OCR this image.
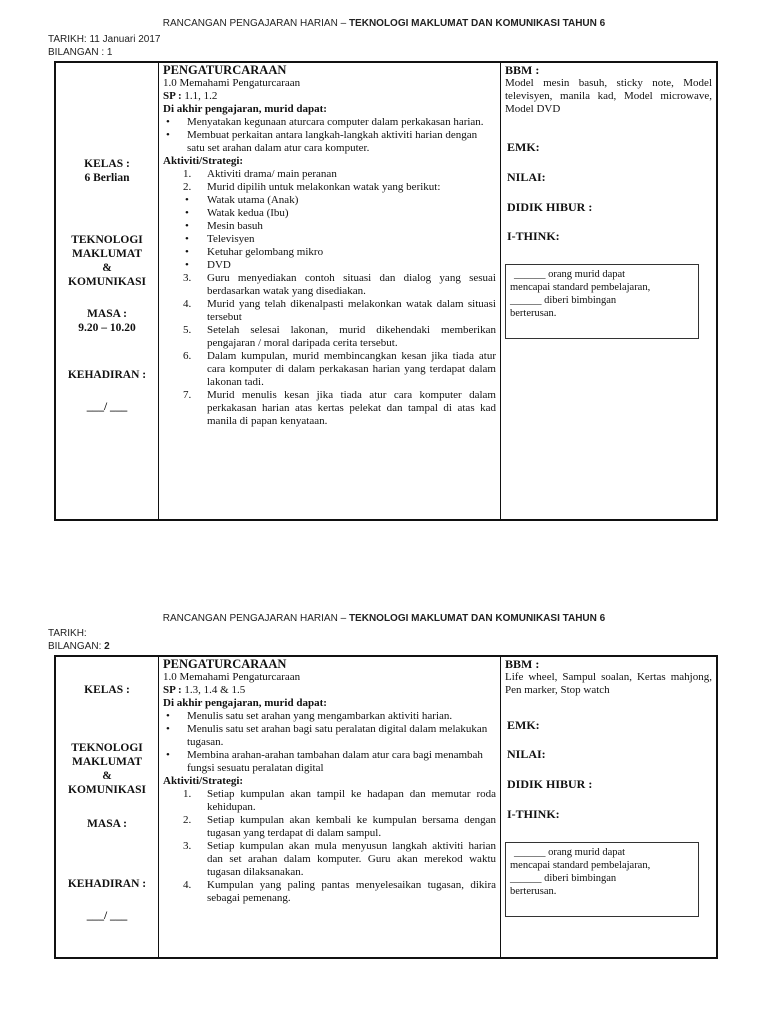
RANCANGAN PENGAJARAN HARIAN – TEKNOLOGI MAKLUMAT DAN KOMUNIKASI TAHUN 6
TARIKH: 11 Januari 2017
BILANGAN : 1
KELAS :
6 Berlian
TEKNOLOGI
MAKLUMAT
&
KOMUNIKASI
MASA :
9.20 – 10.20
KEHADIRAN :
___/ ___

PENGATURCARAAN
1.0 Memahami Pengaturcaraan
SP : 1.1, 1.2
Di akhir pengajaran, murid dapat:
• Menyatakan kegunaan aturcara computer dalam perkakasan harian.
• Membuat perkaitan antara langkah-langkah aktiviti harian dengan satu set arahan dalam atur cara komputer.
Aktiviti/Strategi:
1. Aktiviti drama/ main peranan
2. Murid dipilih untuk melakonkan watak yang berikut:
• Watak utama (Anak)
• Watak kedua (Ibu)
• Mesin basuh
• Televisyen
• Ketuhar gelombang mikro
• DVD
3. Guru menyediakan contoh situasi dan dialog yang sesuai berdasarkan watak yang disediakan.
4. Murid yang telah dikenalpasti melakonkan watak dalam situasi tersebut
5. Setelah selesai lakonan, murid dikehendaki memberikan pengajaran / moral daripada cerita tersebut.
6. Dalam kumpulan, murid membincangkan kesan jika tiada atur cara komputer di dalam perkakasan harian yang terdapat dalam lakonan tadi.
7. Murid menulis kesan jika tiada atur cara komputer dalam perkakasan harian atas kertas pelekat dan tampal di atas kad manila di papan kenyataan.

BBM :
Model mesin basuh, sticky note, Model televisyen, manila kad, Model microwave, Model DVD
EMK:
NILAI:
DIDIK HIBUR :
I-THINK:
______ orang murid dapat
mencapai standard pembelajaran,
______ diberi bimbingan
berterusan.
RANCANGAN PENGAJARAN HARIAN – TEKNOLOGI MAKLUMAT DAN KOMUNIKASI TAHUN 6
TARIKH:
BILANGAN: 2
KELAS :
TEKNOLOGI
MAKLUMAT
&
KOMUNIKASI
MASA :
KEHADIRAN :
___/ ___

PENGATURCARAAN
1.0 Memahami Pengaturcaraan
SP : 1.3, 1.4 & 1.5
Di akhir pengajaran, murid dapat:
• Menulis satu set arahan yang mengambarkan aktiviti harian.
• Menulis satu set arahan bagi satu peralatan digital dalam melakukan tugasan.
• Membina arahan-arahan tambahan dalam atur cara bagi menambah fungsi sesuatu peralatan digital
Aktiviti/Strategi:
1. Setiap kumpulan akan tampil ke hadapan dan memutar roda kehidupan.
2. Setiap kumpulan akan kembali ke kumpulan bersama dengan tugasan yang terdapat di dalam sampul.
3. Setiap kumpulan akan mula menyusun langkah aktiviti harian dan set arahan dalam komputer. Guru akan merekod waktu tugasan dilaksanakan.
4. Kumpulan yang paling pantas menyelesaikan tugasan, dikira sebagai pemenang.

BBM :
Life wheel, Sampul soalan, Kertas mahjong, Pen marker, Stop watch
EMK:
NILAI:
DIDIK HIBUR :
I-THINK:
______ orang murid dapat
mencapai standard pembelajaran,
______ diberi bimbingan
berterusan.
